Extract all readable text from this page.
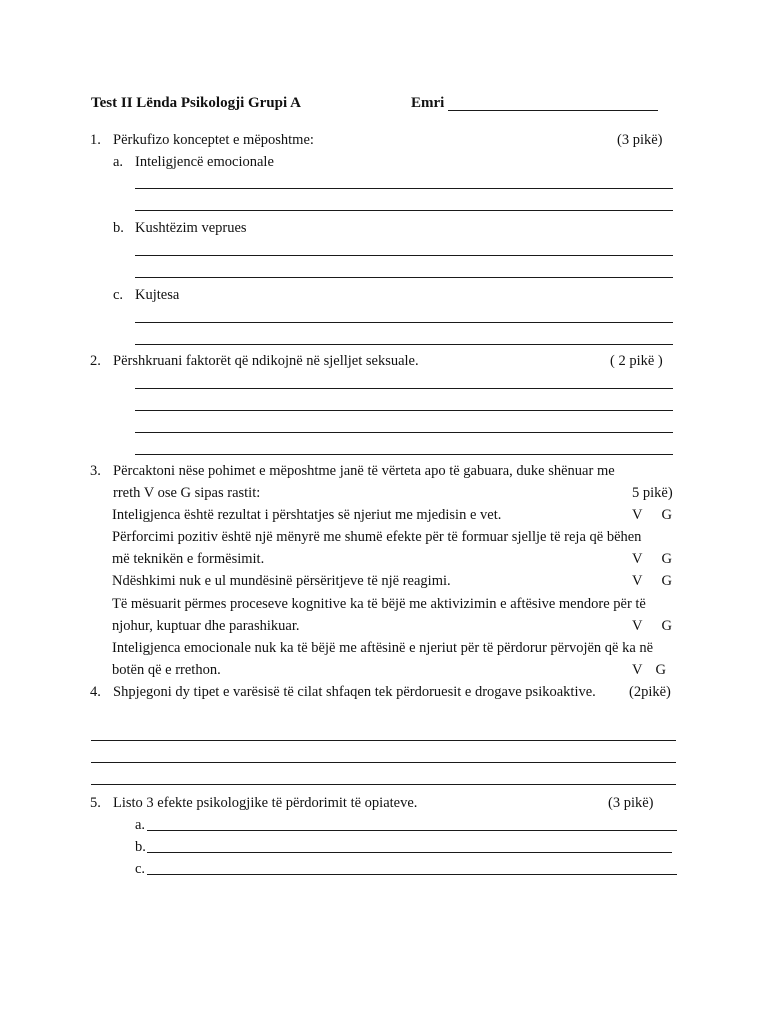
Test II Lënda Psikologji Grupi A	Emri
1. Përkufizo konceptet e mëposhtme:	(3 pikë)
a. Inteligjencë emocionale
b. Kushtëzim veprues
c. Kujtesa
2. Përshkruani faktorët që ndikojnë në sjelljet seksuale.	( 2 pikë )
3. Përcaktoni nëse pohimet e mëposhtme janë të vërteta apo të gabuara, duke shënuar me
rreth V ose G sipas rastit:	5 pikë)
Inteligjenca është rezultat i përshtatjes së njeriut me mjedisin e vet.	V G
Përforcimi pozitiv është një mënyrë me shumë efekte për të formuar sjellje të reja që bëhen
më teknikën e formësimit.	V G
Ndëshkimi nuk e ul mundësinë përsëritjeve të një reagimi.	V G
Të mësuarit përmes proceseve kognitive ka të bëjë me aktivizimin e aftësive mendore për të
njohur, kuptuar dhe parashikuar.	V G
Inteligjenca emocionale nuk ka të bëjë me aftësinë e njeriut për të përdorur përvojën që ka në
botën që e rrethon.	V G
4. Shpjegoni dy tipet e varësisë të cilat shfaqen tek përdoruesit e drogave psikoaktive. (2pikë)
5. Listo 3 efekte psikologjike të përdorimit të opiateve.	(3 pikë)
a.
b.
c.
